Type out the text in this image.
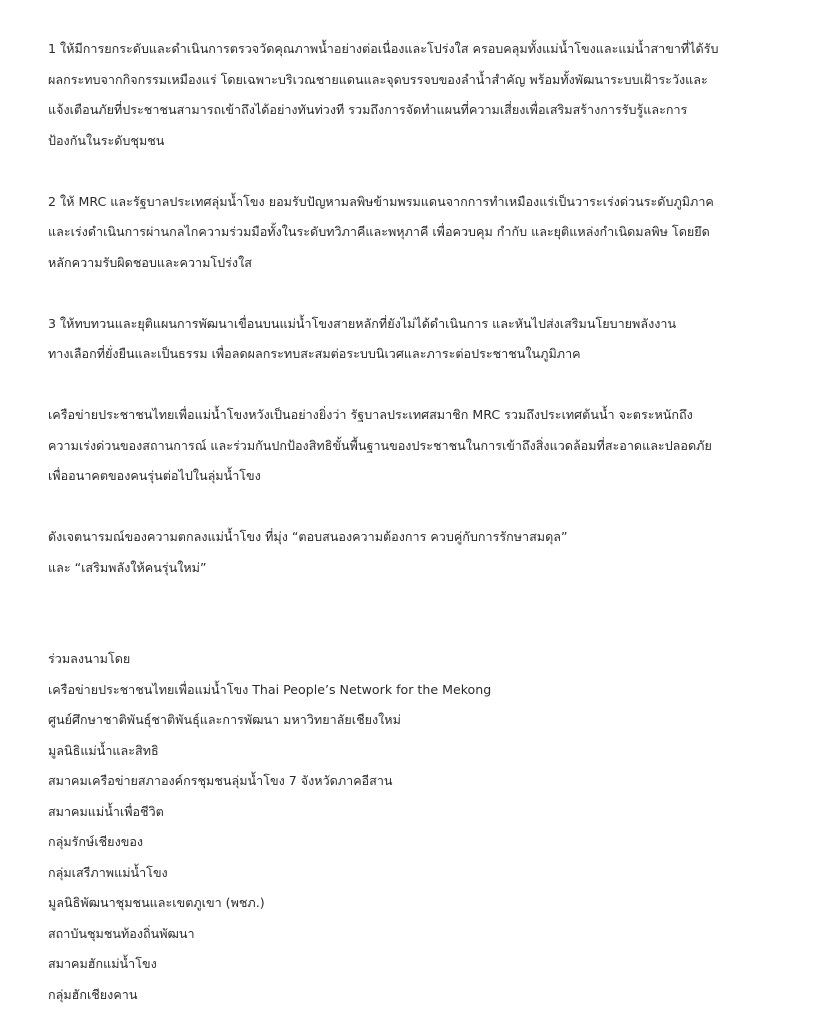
1 ให้มีการยกระดับและดำเนินการตรวจวัดคุณภาพน้ำอย่างต่อเนื่องและโปร่งใส ครอบคลุมทั้งแม่น้ำโขงและแม่น้ำสาขาที่ได้รับ
ผลกระทบจากกิจกรรมเหมืองแร่ โดยเฉพาะบริเวณชายแดนและจุดบรรจบของลำน้ำสำคัญ พร้อมทั้งพัฒนาระบบเฝ้าระวังและ
แจ้งเตือนภัยที่ประชาชนสามารถเข้าถึงได้อย่างทันท่วงที รวมถึงการจัดทำแผนที่ความเสี่ยงเพื่อเสริมสร้างการรับรู้และการ
ป้องกันในระดับชุมชน

2 ให้ MRC และรัฐบาลประเทศลุ่มน้ำโขง ยอมรับปัญหามลพิษข้ามพรมแดนจากการทำเหมืองแร่เป็นวาระเร่งด่วนระดับภูมิภาค
และเร่งดำเนินการผ่านกลไกความร่วมมือทั้งในระดับทวิภาคีและพหุภาคี เพื่อควบคุม กำกับ และยุติแหล่งกำเนิดมลพิษ โดยยึด
หลักความรับผิดชอบและความโปร่งใส

3 ให้ทบทวนและยุติแผนการพัฒนาเขื่อนบนแม่น้ำโขงสายหลักที่ยังไม่ได้ดำเนินการ และหันไปส่งเสริมนโยบายพลังงาน
ทางเลือกที่ยั่งยืนและเป็นธรรม เพื่อลดผลกระทบสะสมต่อระบบนิเวศและภาระต่อประชาชนในภูมิภาค

เครือข่ายประชาชนไทยเพื่อแม่น้ำโขงหวังเป็นอย่างยิ่งว่า รัฐบาลประเทศสมาชิก MRC รวมถึงประเทศต้นน้ำ จะตระหนักถึง
ความเร่งด่วนของสถานการณ์ และร่วมกันปกป้องสิทธิขั้นพื้นฐานของประชาชนในการเข้าถึงสิ่งแวดล้อมที่สะอาดและปลอดภัย
เพื่ออนาคตของคนรุ่นต่อไปในลุ่มน้ำโขง

ดังเจตนารมณ์ของความตกลงแม่น้ำโขง ที่มุ่ง “ตอบสนองความต้องการ ควบคู่กับการรักษาสมดุล”
และ “เสริมพลังให้คนรุ่นใหม่”

ร่วมลงนามโดย

เครือข่ายประชาชนไทยเพื่อแม่น้ำโขง Thai People’s Network for the Mekong
ศูนย์ศึกษาชาติพันธุ์ชาติพันธุ์และการพัฒนา มหาวิทยาลัยเชียงใหม่
มูลนิธิแม่น้ำและสิทธิ
สมาคมเครือข่ายสภาองค์กรชุมชนลุ่มน้ำโขง 7 จังหวัดภาคอีสาน
สมาคมแม่น้ำเพื่อชีวิต
กลุ่มรักษ์เชียงของ
กลุ่มเสรีภาพแม่น้ำโขง
มูลนิธิพัฒนาชุมชนและเขตภูเขา (พชภ.)
สถาบันชุมชนท้องถิ่นพัฒนา
สมาคมฮักแม่น้ำโขง
กลุ่มฮักเชียงคาน
